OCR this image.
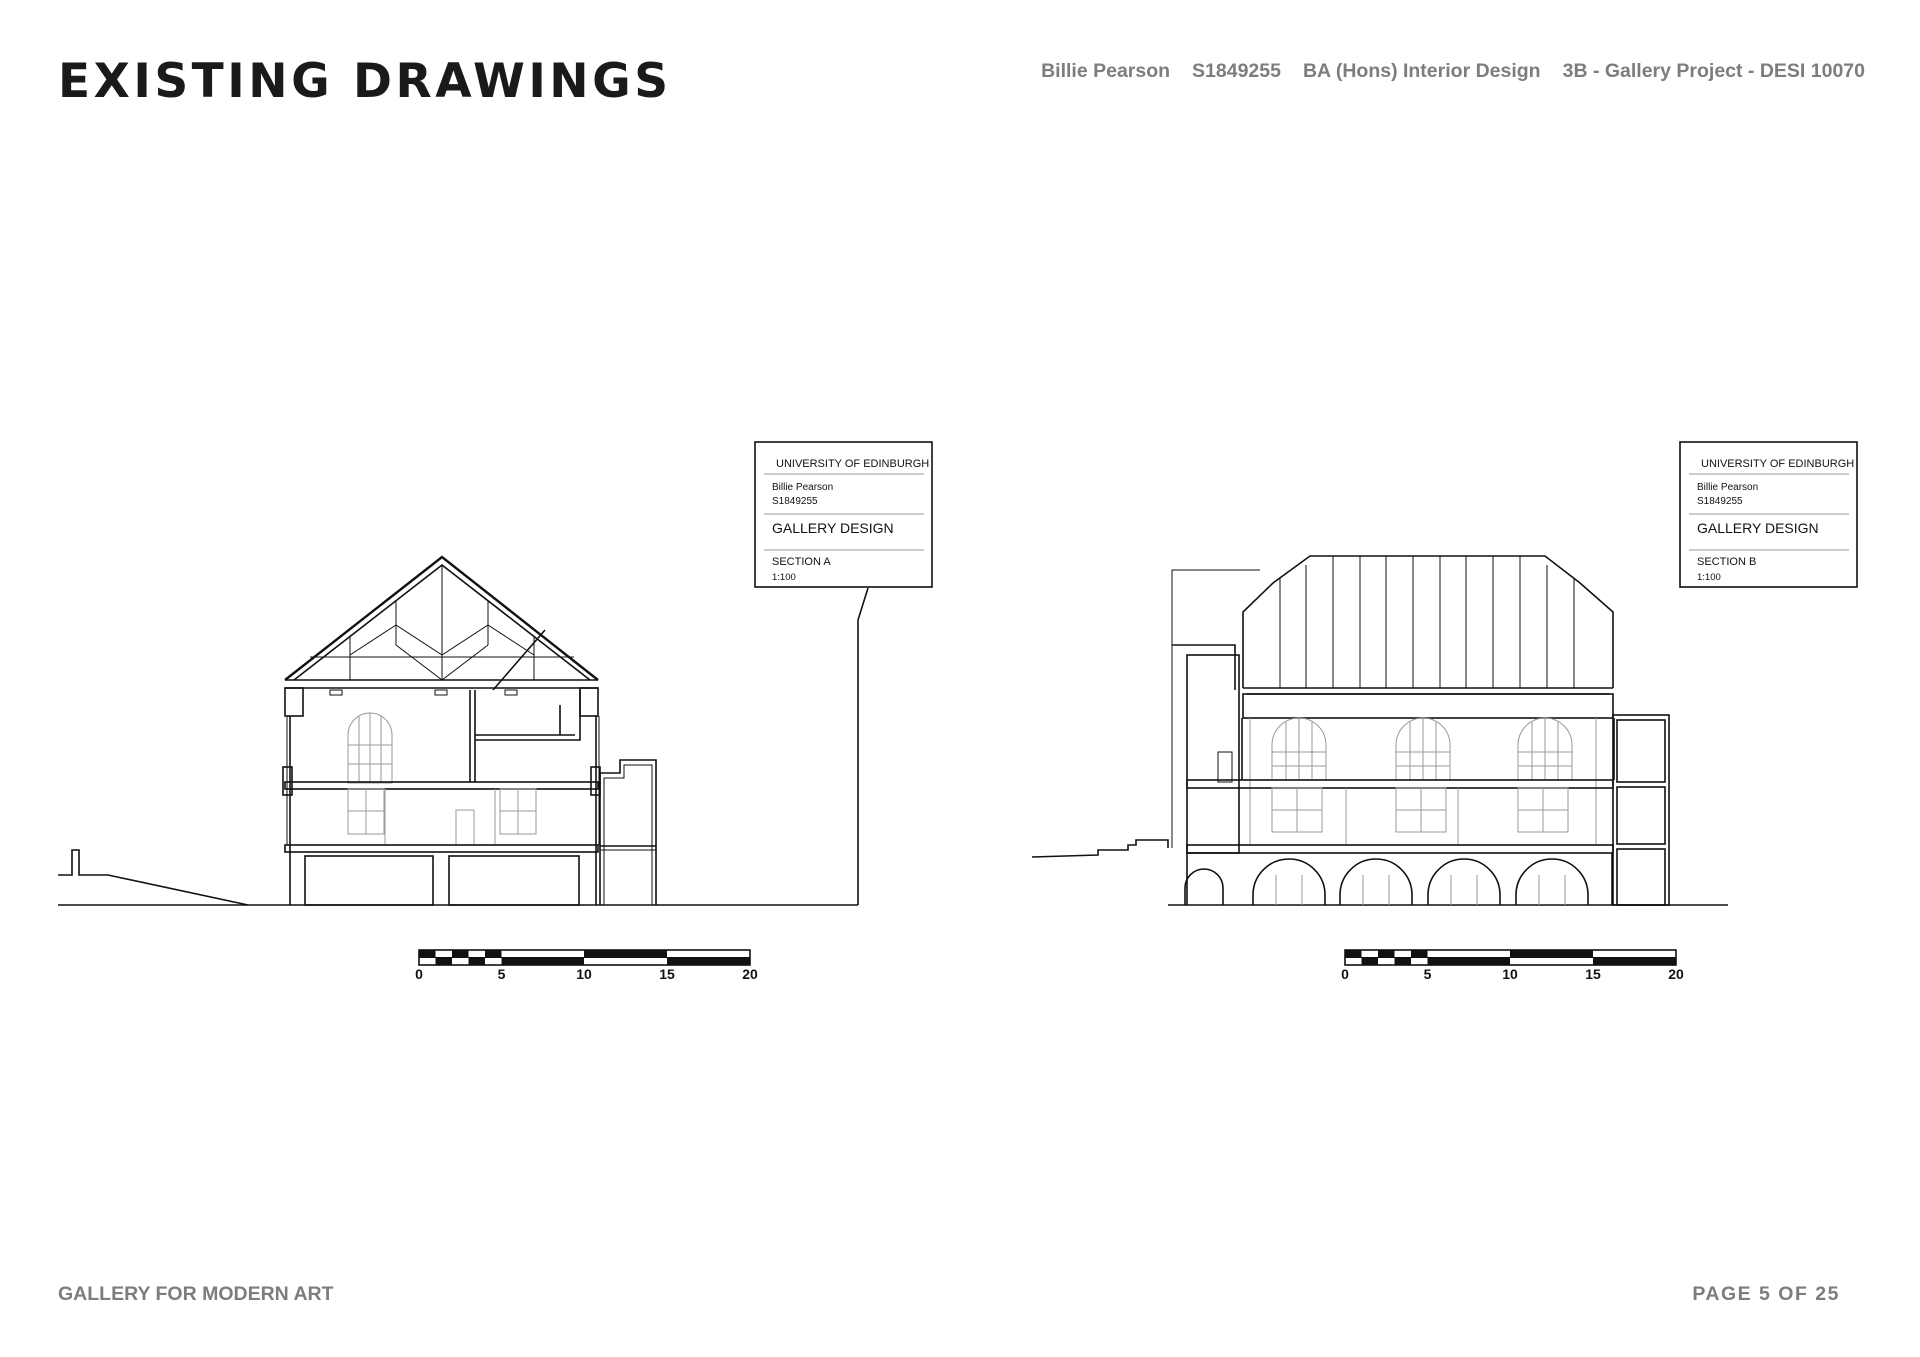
EXISTING DRAWINGS	Billie Pearson S1849255 BA (Hons) Interior Design 3B - Gallery Project - DESI 10070
UNIVERSITY OF EDINBURGH
Billie Pearson
S1849255
GALLERY DESIGN
SECTION A
1:100
0	5	10	15	20
UNIVERSITY OF EDINBURGH
Billie Pearson
S1849255
GALLERY DESIGN
SECTION B
1:100
0	5	10	15	20
GALLERY FOR MODERN ART	PAGE 5 OF 25
